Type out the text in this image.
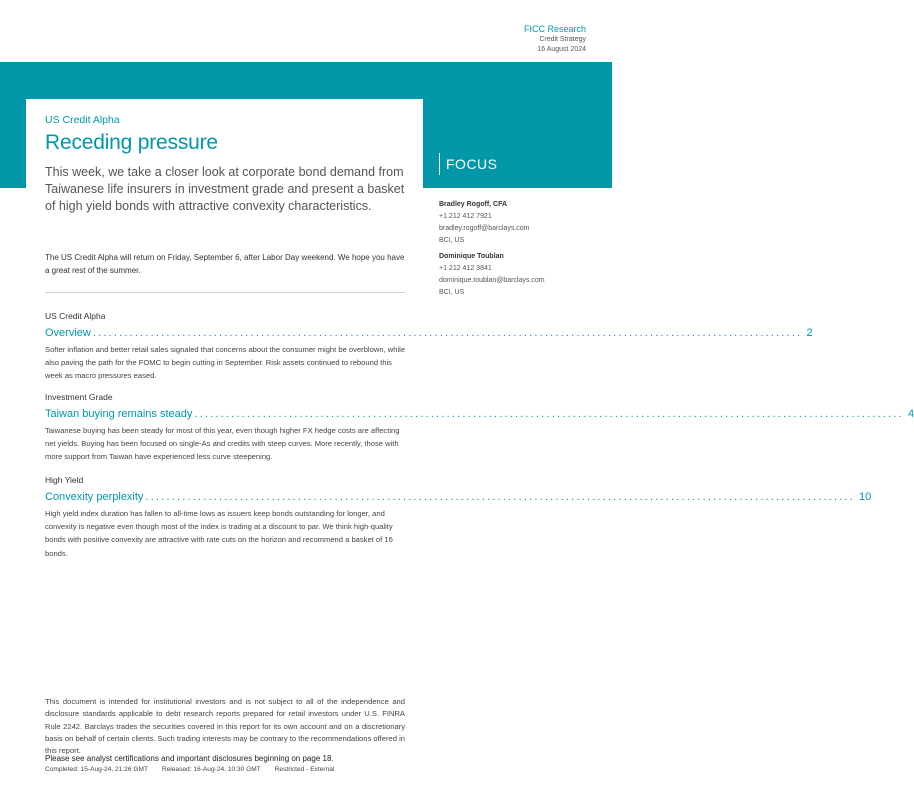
FICC Research
Credit Strategy
16 August 2024
US Credit Alpha
Receding pressure

This week, we take a closer look at corporate bond demand from Taiwanese life insurers in investment grade and present a basket of high yield bonds with attractive convexity characteristics.

The US Credit Alpha will return on Friday, September 6, after Labor Day weekend. We hope you have a great rest of the summer.

US Credit Alpha
Overview ....................................................................................................................................... 2
Softer inflation and better retail sales signaled that concerns about the consumer might be overblown, while also paving the path for the FOMC to begin cutting in September. Risk assets continued to rebound this week as macro pressures eased.
Investment Grade
Taiwan buying remains steady ....................................................................................................................................... 4
Taiwanese buying has been steady for most of this year, even though higher FX hedge costs are affecting net yields. Buying has been focused on single-As and credits with steep curves. More recently, those with more support from Taiwan have experienced less curve steepening.
High Yield
Convexity perplexity ....................................................................................................................................... 10
High yield index duration has fallen to all-time lows as issuers keep bonds outstanding for longer, and convexity is negative even though most of the index is trading at a discount to par. We think high-quality bonds with positive convexity are attractive with rate cuts on the horizon and recommend a basket of 16 bonds.
FOCUS
Bradley Rogoff, CFA
+1 212 412 7921
bradley.rogoff@barclays.com
BCI, US
Dominique Toublan
+1 212 412 3841
dominique.toublan@barclays.com
BCI, US

This document is intended for institutional investors and is not subject to all of the independence and disclosure standards applicable to debt research reports prepared for retail investors under U.S. FINRA Rule 2242. Barclays trades the securities covered in this report for its own account and on a discretionary basis on behalf of certain clients. Such trading interests may be contrary to the recommendations offered in this report.

Please see analyst certifications and important disclosures beginning on page 18.

Completed: 15-Aug-24, 21:26 GMT Released: 16-Aug-24, 10:30 GMT Restricted - External
